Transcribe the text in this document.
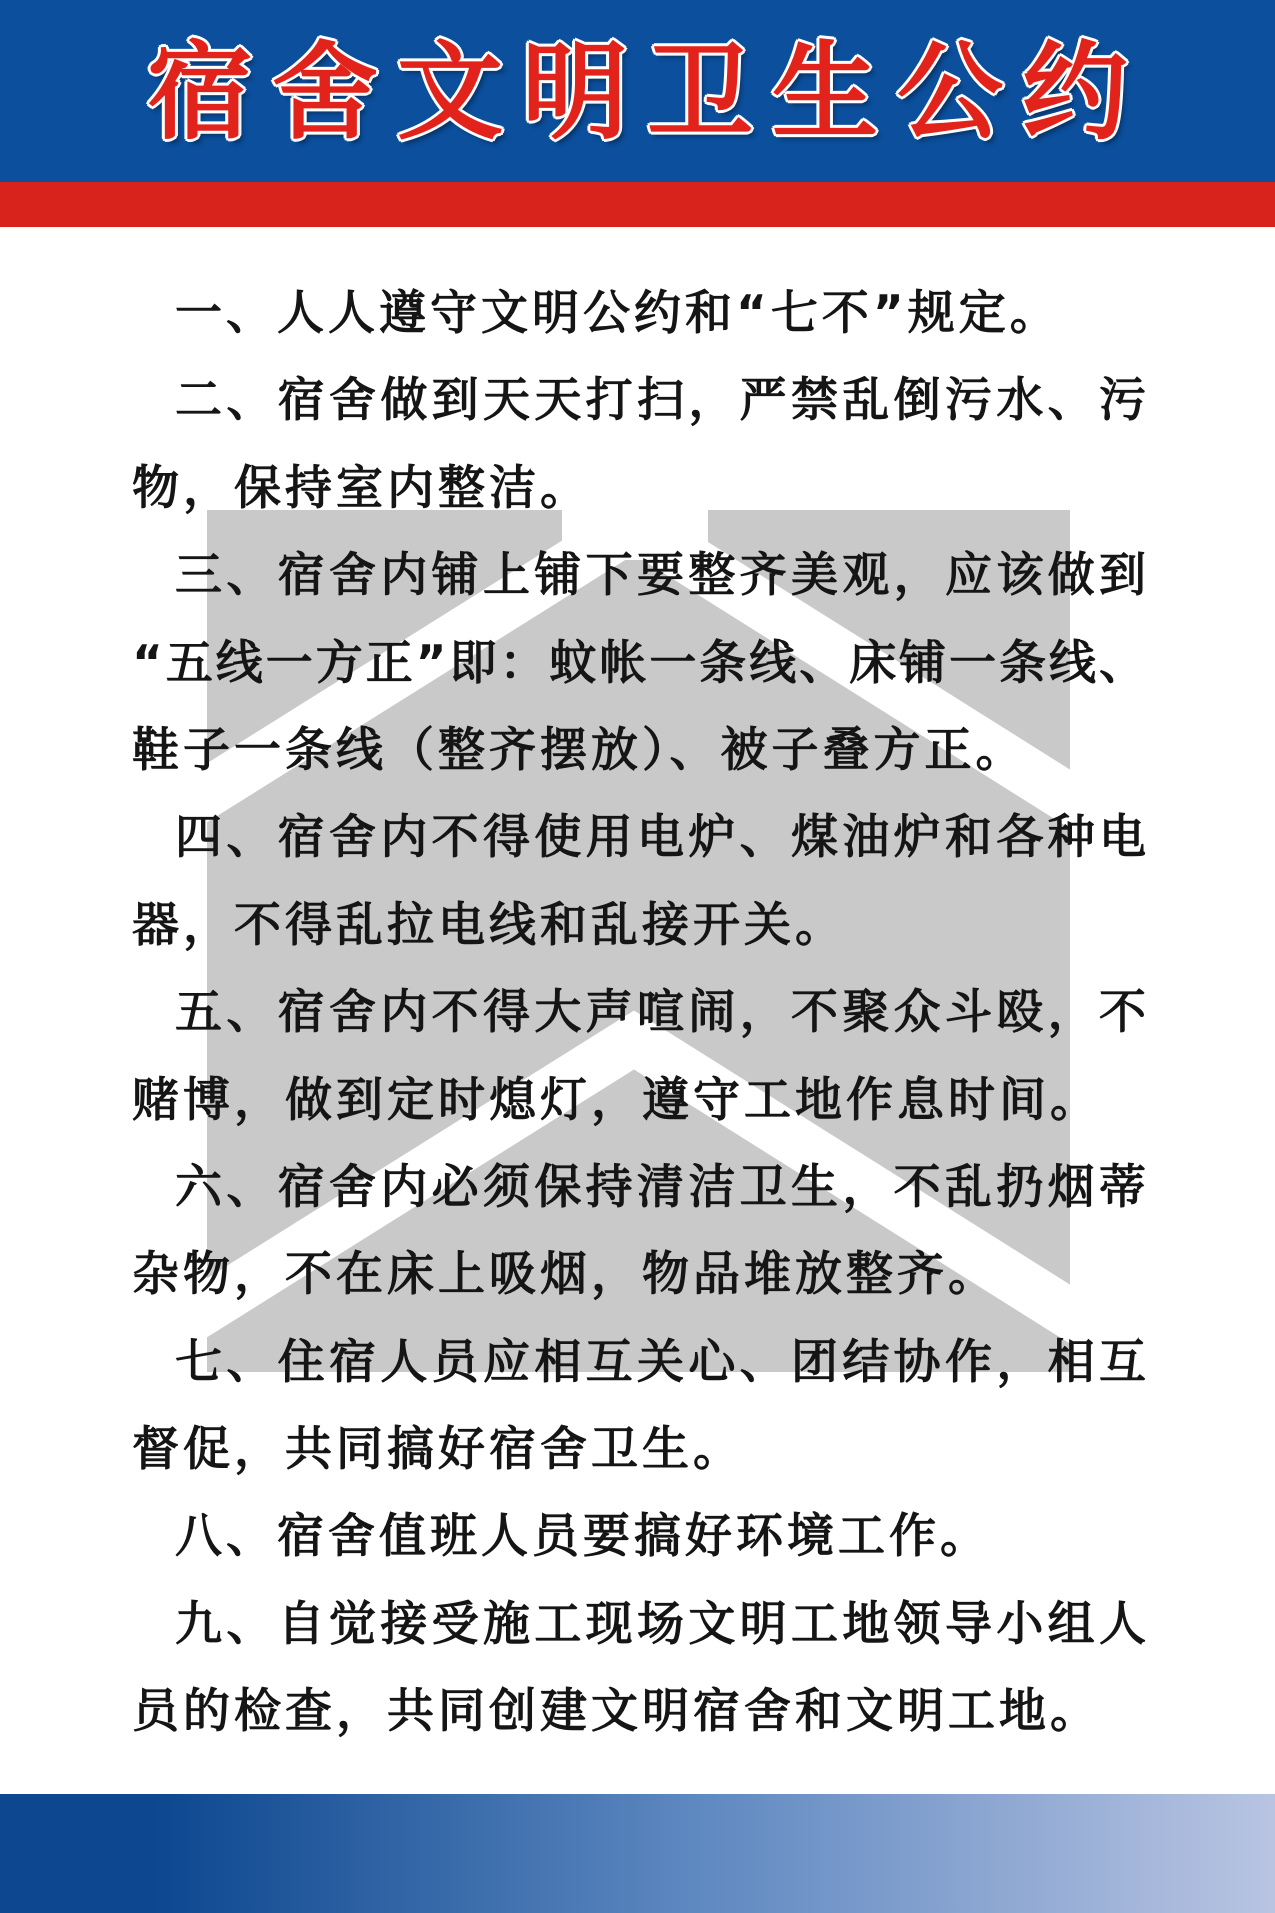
宿舍文明卫生公约
一、人人遵守文明公约和“七不”规定。
二、宿舍做到天天打扫，严禁乱倒污水、污
物，保持室内整洁。
三、宿舍内铺上铺下要整齐美观，应该做到
“五线一方正”即：蚊帐一条线、床铺一条线、
鞋子一条线（整齐摆放）、被子叠方正。
四、宿舍内不得使用电炉、煤油炉和各种电
器，不得乱拉电线和乱接开关。
五、宿舍内不得大声喧闹，不聚众斗殴，不
赌博，做到定时熄灯，遵守工地作息时间。
六、宿舍内必须保持清洁卫生，不乱扔烟蒂
杂物，不在床上吸烟，物品堆放整齐。
七、住宿人员应相互关心、团结协作，相互
督促，共同搞好宿舍卫生。
八、宿舍值班人员要搞好环境工作。
九、自觉接受施工现场文明工地领导小组人
员的检查，共同创建文明宿舍和文明工地。
